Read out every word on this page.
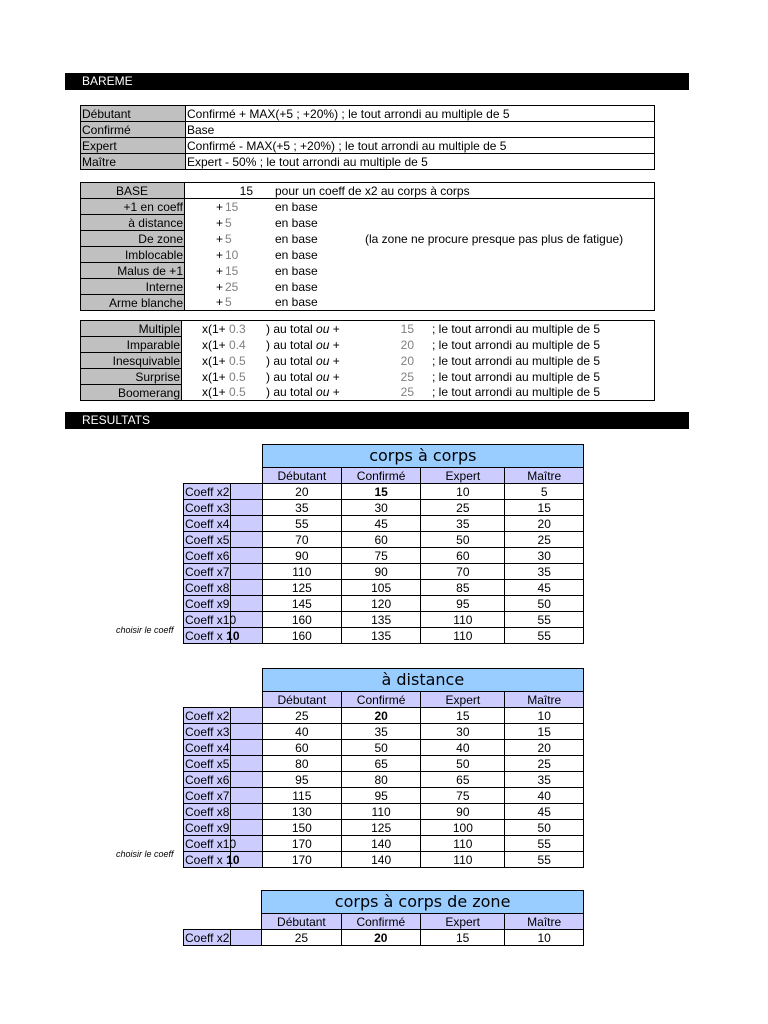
BAREME
Débutant	Confirmé + MAX(+5 ; +20%) ; le tout arrondi au multiple de 5
Confirmé	Base
Expert	Confirmé - MAX(+5 ; +20%) ; le tout arrondi au multiple de 5
Maître	Expert - 50% ; le tout arrondi au multiple de 5
BASE		15	pour un coeff de x2 au corps à corps	
+1 en coeff	+	15	en base	
à distance	+	5	en base	
De zone	+	5	en base	(la zone ne procure presque pas plus de fatigue)
Imblocable	+	10	en base	
Malus de +1	+	15	en base	
Interne	+	25	en base	
Arme blanche	+	5	en base	
Multiple	x(1+	0.3	) au total ou +	15	; le tout arrondi au multiple de 5
Imparable	x(1+	0.4	) au total ou +	20	; le tout arrondi au multiple de 5
Inesquivable	x(1+	0.5	) au total ou +	20	; le tout arrondi au multiple de 5
Surprise	x(1+	0.5	) au total ou +	25	; le tout arrondi au multiple de 5
Boomerang	x(1+	0.5	) au total ou +	25	; le tout arrondi au multiple de 5
RESULTATS
choisir le coeff
	corps à corps			
	Débutant	Confirmé	Expert	Maître
Coeff x2	20	15	10	5
Coeff x3	35	30	25	15
Coeff x4	55	45	35	20
Coeff x5	70	60	50	25
Coeff x6	90	75	60	30
Coeff x7	110	90	70	35
Coeff x8	125	105	85	45
Coeff x9	145	120	95	50
Coeff x10	160	135	110	55
Coeff x 10	160	135	110	55
choisir le coeff
	à distance			
	Débutant	Confirmé	Expert	Maître
Coeff x2	25	20	15	10
Coeff x3	40	35	30	15
Coeff x4	60	50	40	20
Coeff x5	80	65	50	25
Coeff x6	95	80	65	35
Coeff x7	115	95	75	40
Coeff x8	130	110	90	45
Coeff x9	150	125	100	50
Coeff x10	170	140	110	55
Coeff x 10	170	140	110	55
	corps à corps de zone			
	Débutant	Confirmé	Expert	Maître
Coeff x2	25	20	15	10
